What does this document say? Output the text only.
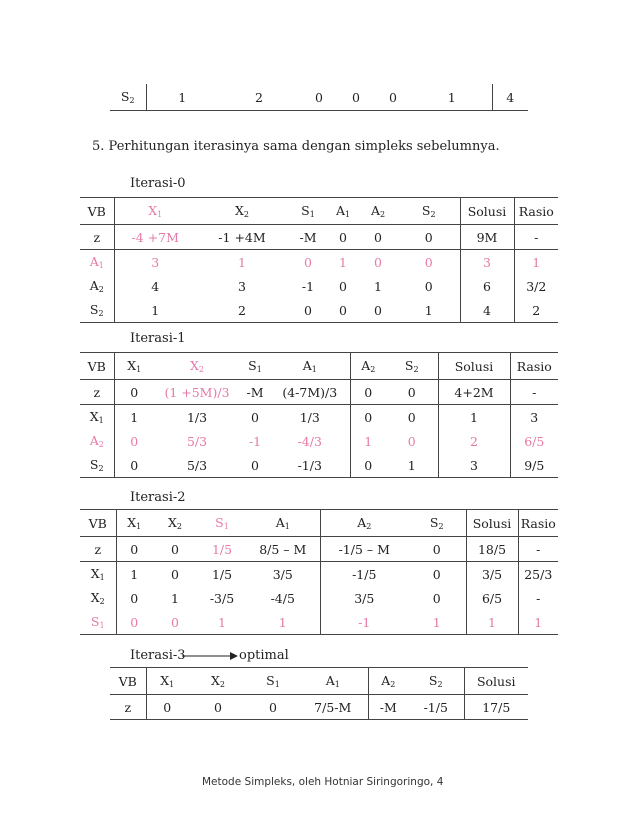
$S_2$	1	2	0	0	0	1	4
5. Perhitungan iterasinya sama dengan simpleks sebelumnya.
Iterasi-0
VB	$X_1$	$X_2$	$S_1$	$A_1$	$A_2$	$S_2$	Solusi	Rasio
z	-4 +7M	-1 +4M	-M	0	0	0	9M	-
$A_1$	3	1	0	1	0	0	3	1
$A_2$	4	3	-1	0	1	0	6	3/2
$S_2$	1	2	0	0	0	1	4	2
Iterasi-1
VB	$X_1$	$X_2$	$S_1$	$A_1$	$A_2$	$S_2$	Solusi	Rasio
z	0	(1 +5M)/3	-M	(4-7M)/3	0	0	4+2M	-
$X_1$	1	1/3	0	1/3	0	0	1	3
$A_2$	0	5/3	-1	-4/3	1	0	2	6/5
$S_2$	0	5/3	0	-1/3	0	1	3	9/5
Iterasi-2
VB	$X_1$	$X_2$	$S_1$	$A_1$	$A_2$	$S_2$	Solusi	Rasio
z	0	0	1/5	8/5 – M	-1/5 – M	0	18/5	-
$X_1$	1	0	1/5	3/5	-1/5	0	3/5	25/3
$X_2$	0	1	-3/5	-4/5	3/5	0	6/5	-
$S_1$	0	0	1	1	-1	1	1	1
Iterasi-3	optimal
VB	$X_1$	$X_2$	$S_1$	$A_1$	$A_2$	$S_2$	Solusi
z	0	0	0	7/5-M	-M	-1/5	17/5
Metode Simpleks, oleh Hotniar Siringoringo, 4
